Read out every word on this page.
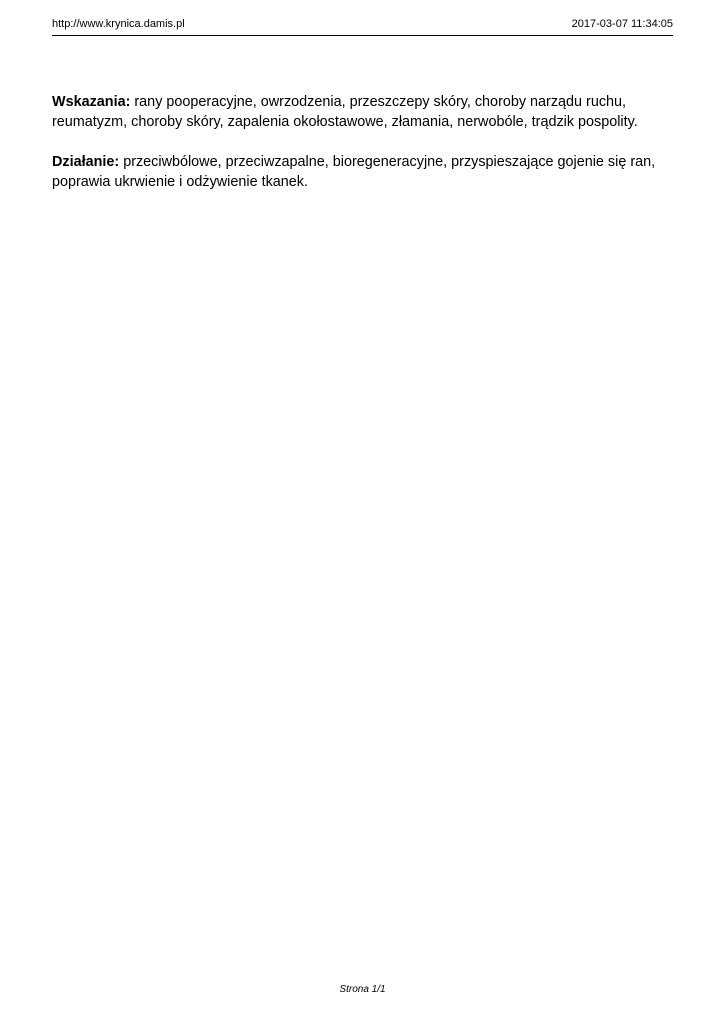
http://www.krynica.damis.pl	2017-03-07 11:34:05

Wskazania: rany pooperacyjne, owrzodzenia, przeszczepy skóry, choroby narządu ruchu, reumatyzm, choroby skóry, zapalenia okołostawowe, złamania, nerwobóle, trądzik pospolity.

Działanie: przeciwbólowe, przeciwzapalne, bioregeneracyjne, przyspieszające gojenie się ran, poprawia ukrwienie i odżywienie tkanek.

Strona 1/1
